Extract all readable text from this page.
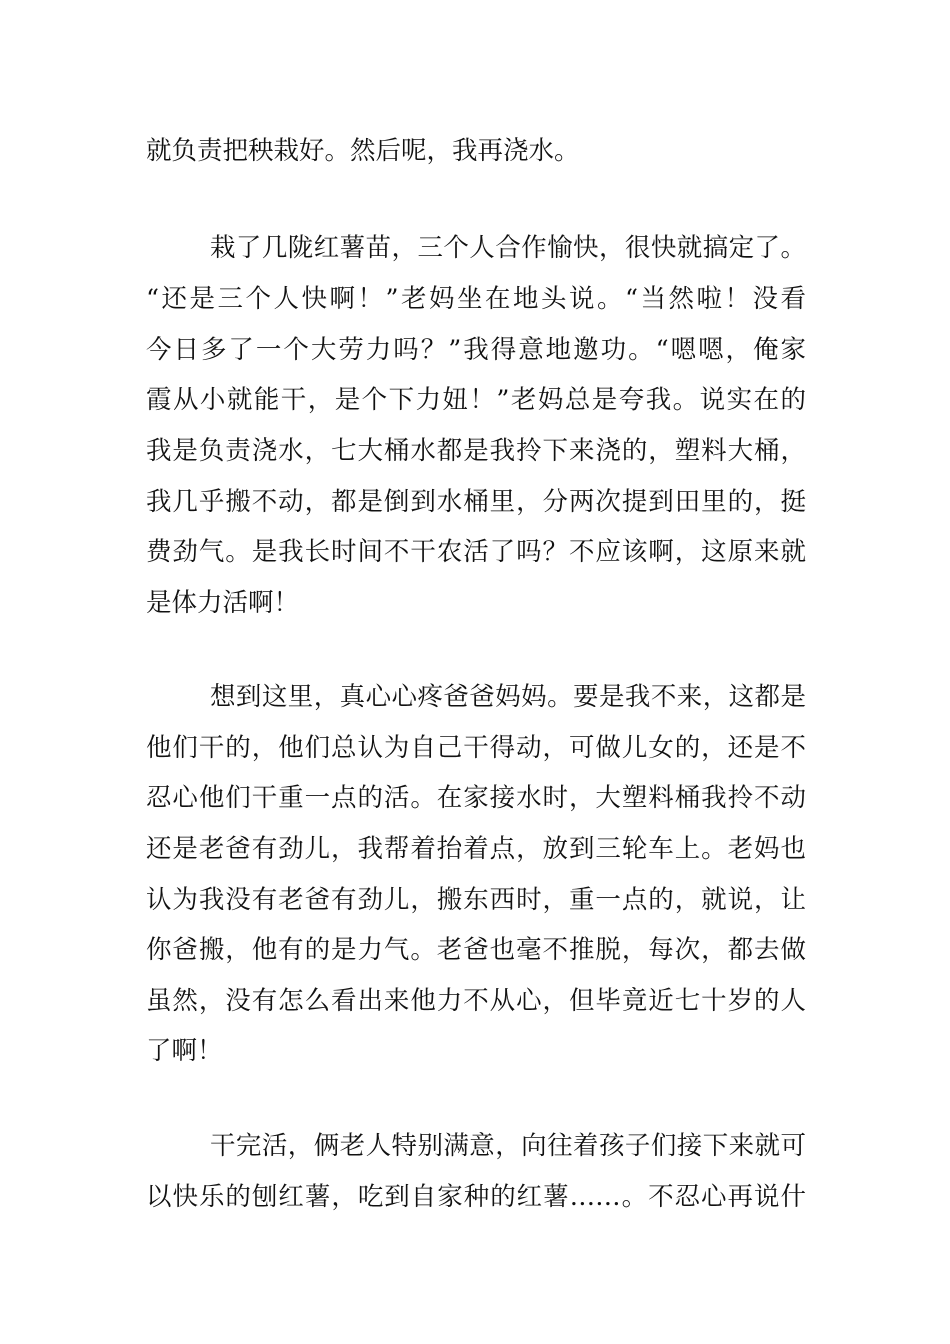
就负责把秧栽好。然后呢，我再浇水。
栽了几陇红薯苗，三个人合作愉快，很快就搞定了。
“还是三个人快啊！”老妈坐在地头说。“当然啦！没看
今日多了一个大劳力吗？”我得意地邀功。“嗯嗯，俺家
霞从小就能干，是个下力妞！”老妈总是夸我。说实在的
我是负责浇水，七大桶水都是我拎下来浇的，塑料大桶，
我几乎搬不动，都是倒到水桶里，分两次提到田里的，挺
费劲气。是我长时间不干农活了吗？不应该啊，这原来就
是体力活啊！
想到这里，真心心疼爸爸妈妈。要是我不来，这都是
他们干的，他们总认为自己干得动，可做儿女的，还是不
忍心他们干重一点的活。在家接水时，大塑料桶我拎不动
还是老爸有劲儿，我帮着抬着点，放到三轮车上。老妈也
认为我没有老爸有劲儿，搬东西时，重一点的，就说，让
你爸搬，他有的是力气。老爸也毫不推脱，每次，都去做
虽然，没有怎么看出来他力不从心，但毕竟近七十岁的人
了啊！
干完活，俩老人特别满意，向往着孩子们接下来就可
以快乐的刨红薯，吃到自家种的红薯……。不忍心再说什
